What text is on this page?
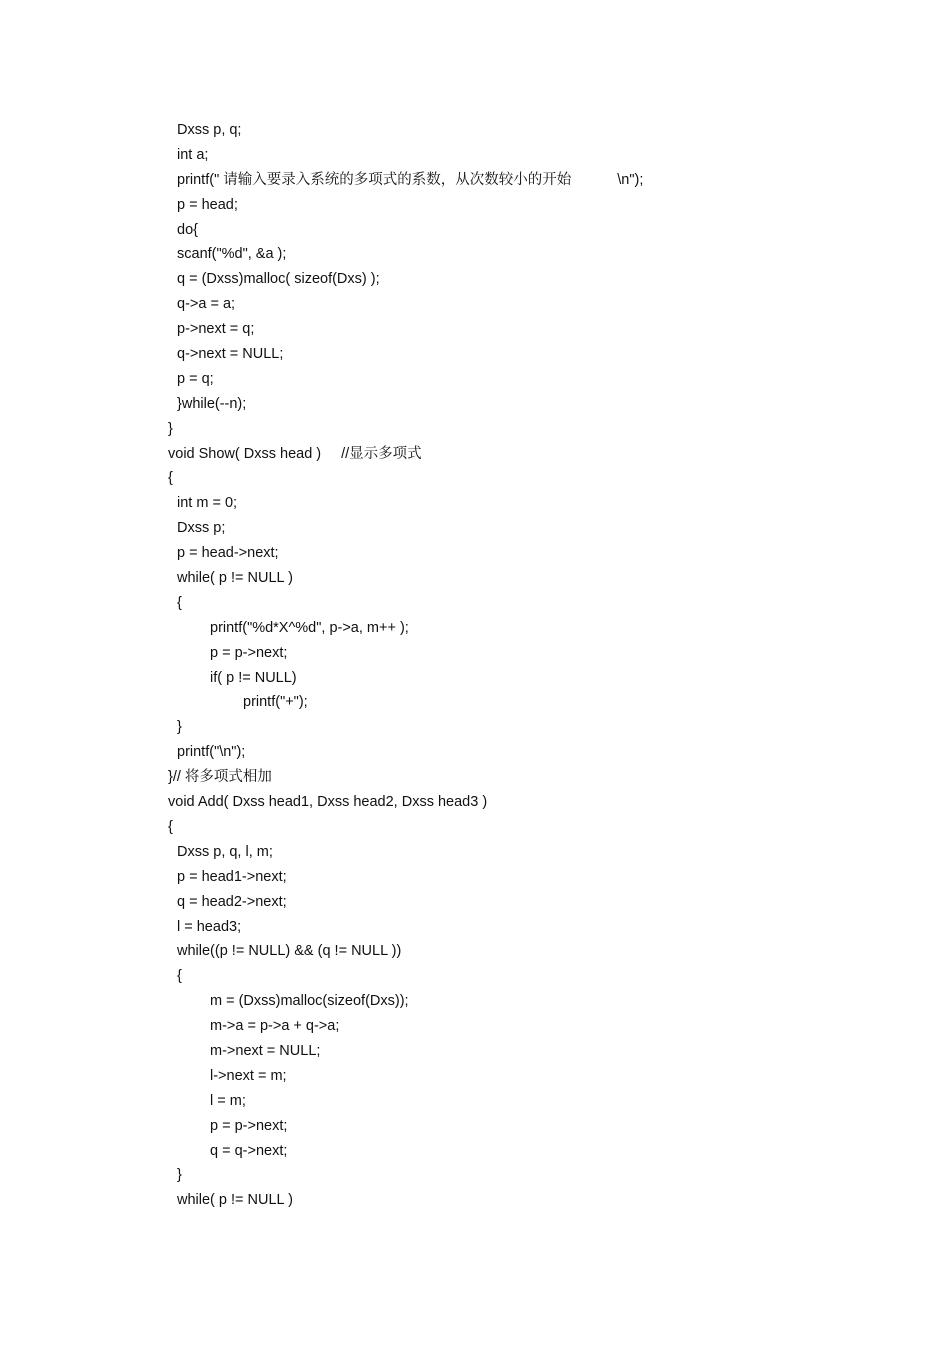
Dxss p, q;
int a;
printf(" 请输入要录入系统的多项式的系数，从次数较小的开始	\n");
p = head;
do{
scanf("%d", &a );
q = (Dxss)malloc( sizeof(Dxs) );
q->a = a;
p->next = q;
q->next = NULL;
p = q;
}while(--n);
}
void Show( Dxss head ) //显示多项式
{
int m = 0;
Dxss p;
p = head->next;
while( p != NULL )
{
printf("%d*X^%d", p->a, m++ );
p = p->next;
if( p != NULL)
printf("+");
}
printf("\n");
}// 将多项式相加
void Add( Dxss head1, Dxss head2, Dxss head3 )
{
Dxss p, q, l, m;
p = head1->next;
q = head2->next;
l = head3;
while((p != NULL) && (q != NULL ))
{
m = (Dxss)malloc(sizeof(Dxs));
m->a = p->a + q->a;
m->next = NULL;
l->next = m;
l = m;
p = p->next;
q = q->next;
}
while( p != NULL )
